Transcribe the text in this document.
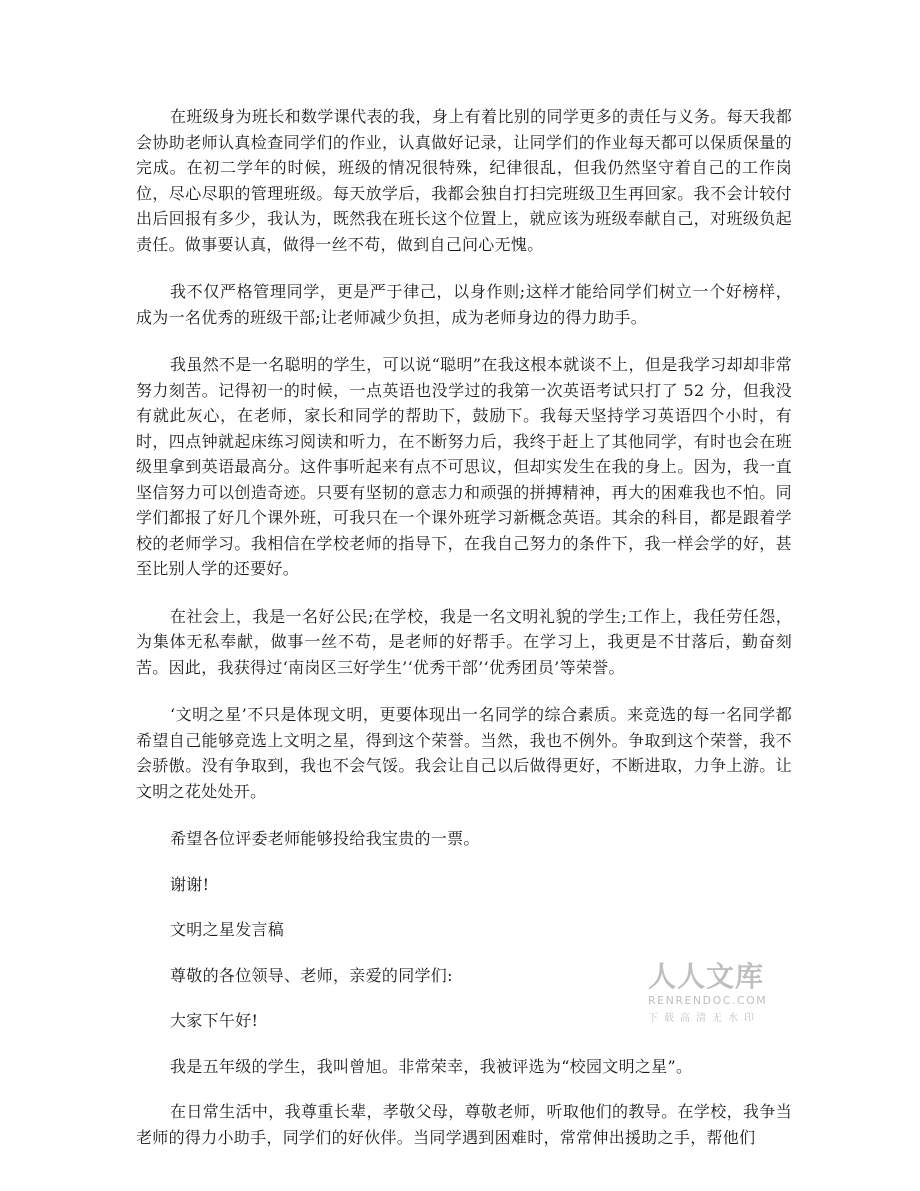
在班级身为班长和数学课代表的我，身上有着比别的同学更多的责任与义务。每天我都会协助老师认真检查同学们的作业，认真做好记录，让同学们的作业每天都可以保质保量的完成。在初二学年的时候，班级的情况很特殊，纪律很乱，但我仍然坚守着自己的工作岗位，尽心尽职的管理班级。每天放学后，我都会独自打扫完班级卫生再回家。我不会计较付出后回报有多少，我认为，既然我在班长这个位置上，就应该为班级奉献自己，对班级负起责任。做事要认真，做得一丝不苟，做到自己问心无愧。

我不仅严格管理同学，更是严于律己，以身作则;这样才能给同学们树立一个好榜样，成为一名优秀的班级干部;让老师减少负担，成为老师身边的得力助手。

我虽然不是一名聪明的学生，可以说“聪明”在我这根本就谈不上，但是我学习却却非常努力刻苦。记得初一的时候，一点英语也没学过的我第一次英语考试只打了 52 分，但我没有就此灰心，在老师，家长和同学的帮助下，鼓励下。我每天坚持学习英语四个小时，有时，四点钟就起床练习阅读和听力，在不断努力后，我终于赶上了其他同学，有时也会在班级里拿到英语最高分。这件事听起来有点不可思议，但却实发生在我的身上。因为，我一直坚信努力可以创造奇迹。只要有坚韧的意志力和顽强的拼搏精神，再大的困难我也不怕。同学们都报了好几个课外班，可我只在一个课外班学习新概念英语。其余的科目，都是跟着学校的老师学习。我相信在学校老师的指导下，在我自己努力的条件下，我一样会学的好，甚至比别人学的还要好。

在社会上，我是一名好公民;在学校，我是一名文明礼貌的学生;工作上，我任劳任怨，为集体无私奉献，做事一丝不苟，是老师的好帮手。在学习上，我更是不甘落后，勤奋刻苦。因此，我获得过‘南岗区三好学生’‘优秀干部’‘优秀团员’等荣誉。

‘文明之星’不只是体现文明，更要体现出一名同学的综合素质。来竞选的每一名同学都希望自己能够竞选上文明之星，得到这个荣誉。当然，我也不例外。争取到这个荣誉，我不会骄傲。没有争取到，我也不会气馁。我会让自己以后做得更好，不断进取，力争上游。让文明之花处处开。

希望各位评委老师能够投给我宝贵的一票。

谢谢!

文明之星发言稿

尊敬的各位领导、老师，亲爱的同学们:

大家下午好!

我是五年级的学生，我叫曾旭。非常荣幸，我被评选为“校园文明之星”。

在日常生活中，我尊重长辈，孝敬父母，尊敬老师，听取他们的教导。在学校，我争当老师的得力小助手，同学们的好伙伴。当同学遇到困难时，常常伸出援助之手，帮他们

人人文库
RENRENDOC.COM
下载高清无水印
